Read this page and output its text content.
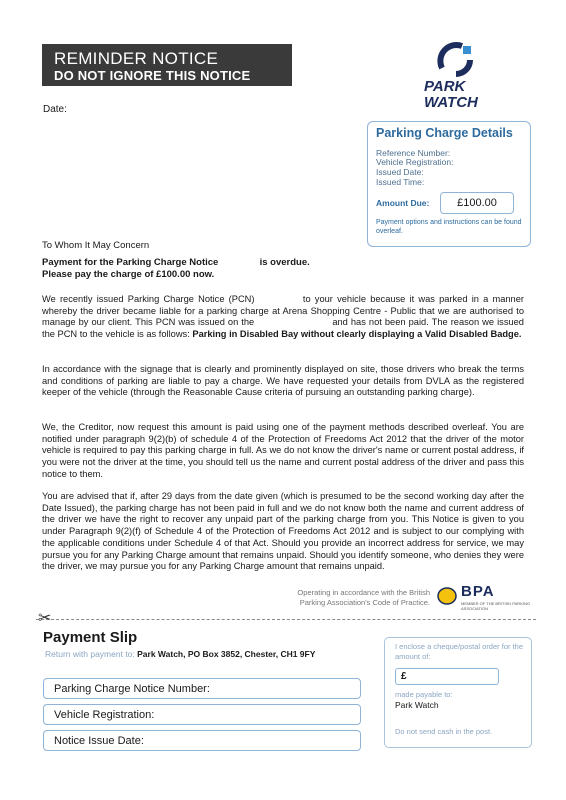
REMINDER NOTICE
DO NOT IGNORE THIS NOTICE
PARK
WATCH
Date:
Parking Charge Details
Reference Number:
Vehicle Registration:
Issued Date:
Issued Time:
Amount Due:	£100.00
Payment options and instructions can be found overleaf.
To Whom It May Concern
Payment for the Parking Charge Notice	is overdue.
Please pay the charge of £100.00 now.
We recently issued Parking Charge Notice (PCN)	to your vehicle because it was parked in a manner whereby the driver became liable for a parking charge at Arena Shopping Centre - Public that we are authorised to manage by our client. This PCN was issued on the	and has not been paid. The reason we issued the PCN to the vehicle is as follows: Parking in Disabled Bay without clearly displaying a Valid Disabled Badge.
In accordance with the signage that is clearly and prominently displayed on site, those drivers who break the terms and conditions of parking are liable to pay a charge. We have requested your details from DVLA as the registered keeper of the vehicle (through the Reasonable Cause criteria of pursuing an outstanding parking charge).
We, the Creditor, now request this amount is paid using one of the payment methods described overleaf. You are notified under paragraph 9(2)(b) of schedule 4 of the Protection of Freedoms Act 2012 that the driver of the motor vehicle is required to pay this parking charge in full. As we do not know the driver's name or current postal address, if you were not the driver at the time, you should tell us the name and current postal address of the driver and pass this notice to them.
You are advised that if, after 29 days from the date given (which is presumed to be the second working day after the Date Issued), the parking charge has not been paid in full and we do not know both the name and current address of the driver we have the right to recover any unpaid part of the parking charge from you. This Notice is given to you under Paragraph 9(2)(f) of Schedule 4 of the Protection of Freedoms Act 2012 and is subject to our complying with the applicable conditions under Schedule 4 of that Act. Should you provide an incorrect address for service, we may pursue you for any Parking Charge amount that remains unpaid. Should you identify someone, who denies they were the driver, we may pursue you for any Parking Charge amount that remains unpaid.
Operating in accordance with the British Parking Association's Code of Practice.
BPA
MEMBER OF THE BRITISH PARKING ASSOCIATION
✂
Payment Slip
Return with payment to: Park Watch, PO Box 3852, Chester, CH1 9FY
Parking Charge Notice Number:
Vehicle Registration:
Notice Issue Date:
I enclose a cheque/postal order for the amount of:
£
made payable to:
Park Watch
Do not send cash in the post.
